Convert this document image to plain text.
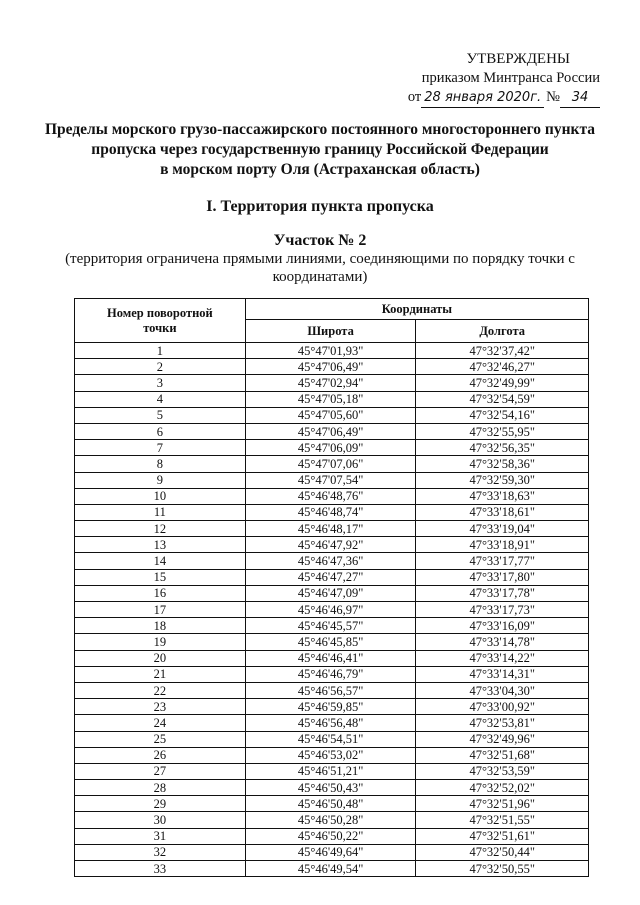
УТВЕРЖДЕНЫ
приказом Минтранса России
от 28 января 2020г. № 34
Пределы морского грузо-пассажирского постоянного многостороннего пункта
пропуска через государственную границу Российской Федерации
в морском порту Оля (Астраханская область)
I. Территория пункта пропуска
Участок № 2
(территория ограничена прямыми линиями, соединяющими по порядку точки с
координатами)
Номер поворотной точки	Координаты	
	Широта	Долгота
1	45°47'01,93"	47°32'37,42"
2	45°47'06,49"	47°32'46,27"
3	45°47'02,94"	47°32'49,99"
4	45°47'05,18"	47°32'54,59"
5	45°47'05,60"	47°32'54,16"
6	45°47'06,49"	47°32'55,95"
7	45°47'06,09"	47°32'56,35"
8	45°47'07,06"	47°32'58,36"
9	45°47'07,54"	47°32'59,30"
10	45°46'48,76"	47°33'18,63"
11	45°46'48,74"	47°33'18,61"
12	45°46'48,17"	47°33'19,04"
13	45°46'47,92"	47°33'18,91"
14	45°46'47,36"	47°33'17,77"
15	45°46'47,27"	47°33'17,80"
16	45°46'47,09"	47°33'17,78"
17	45°46'46,97"	47°33'17,73"
18	45°46'45,57"	47°33'16,09"
19	45°46'45,85"	47°33'14,78"
20	45°46'46,41"	47°33'14,22"
21	45°46'46,79"	47°33'14,31"
22	45°46'56,57"	47°33'04,30"
23	45°46'59,85"	47°33'00,92"
24	45°46'56,48"	47°32'53,81"
25	45°46'54,51"	47°32'49,96"
26	45°46'53,02"	47°32'51,68"
27	45°46'51,21"	47°32'53,59"
28	45°46'50,43"	47°32'52,02"
29	45°46'50,48"	47°32'51,96"
30	45°46'50,28"	47°32'51,55"
31	45°46'50,22"	47°32'51,61"
32	45°46'49,64"	47°32'50,44"
33	45°46'49,54"	47°32'50,55"
